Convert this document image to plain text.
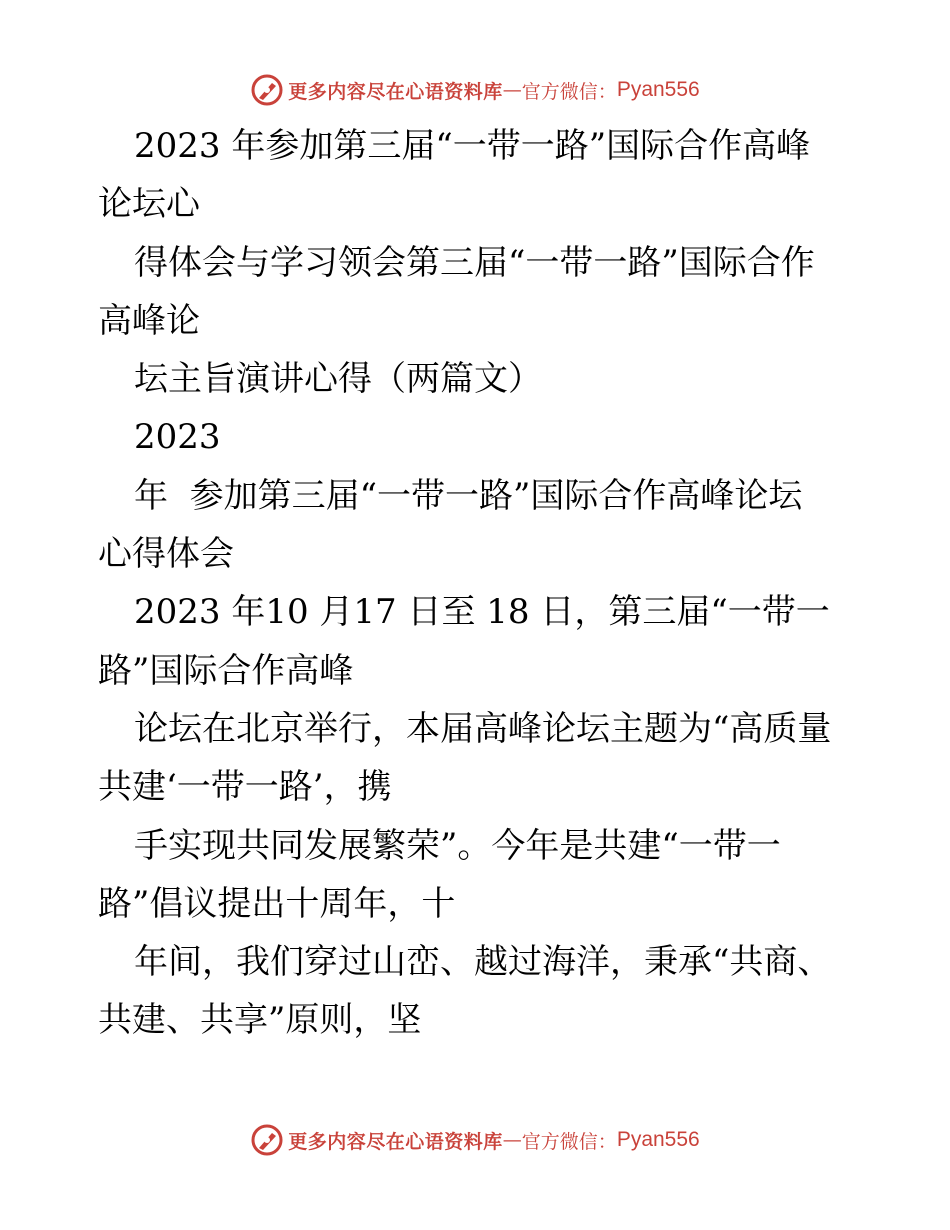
更多内容尽在心语资料库 — 官方微信： Pyan556

2023 年参加第三届“一带一路”国际合作高峰

论坛心

得体会与学习领会第三届“一带一路”国际合作

高峰论

坛主旨演讲心得（两篇文）

2023

年  参加第三届“一带一路”国际合作高峰论坛

心得体会

2023 年10 月17 日至 18 日，第三届“一带一

路”国际合作高峰

论坛在北京举行，本届高峰论坛主题为“高质量

共建‘一带一路’，携

手实现共同发展繁荣”。今年是共建“一带一

路”倡议提出十周年，十

年间，我们穿过山峦、越过海洋，秉承“共商、

共建、共享”原则，坚

更多内容尽在心语资料库 — 官方微信： Pyan556
